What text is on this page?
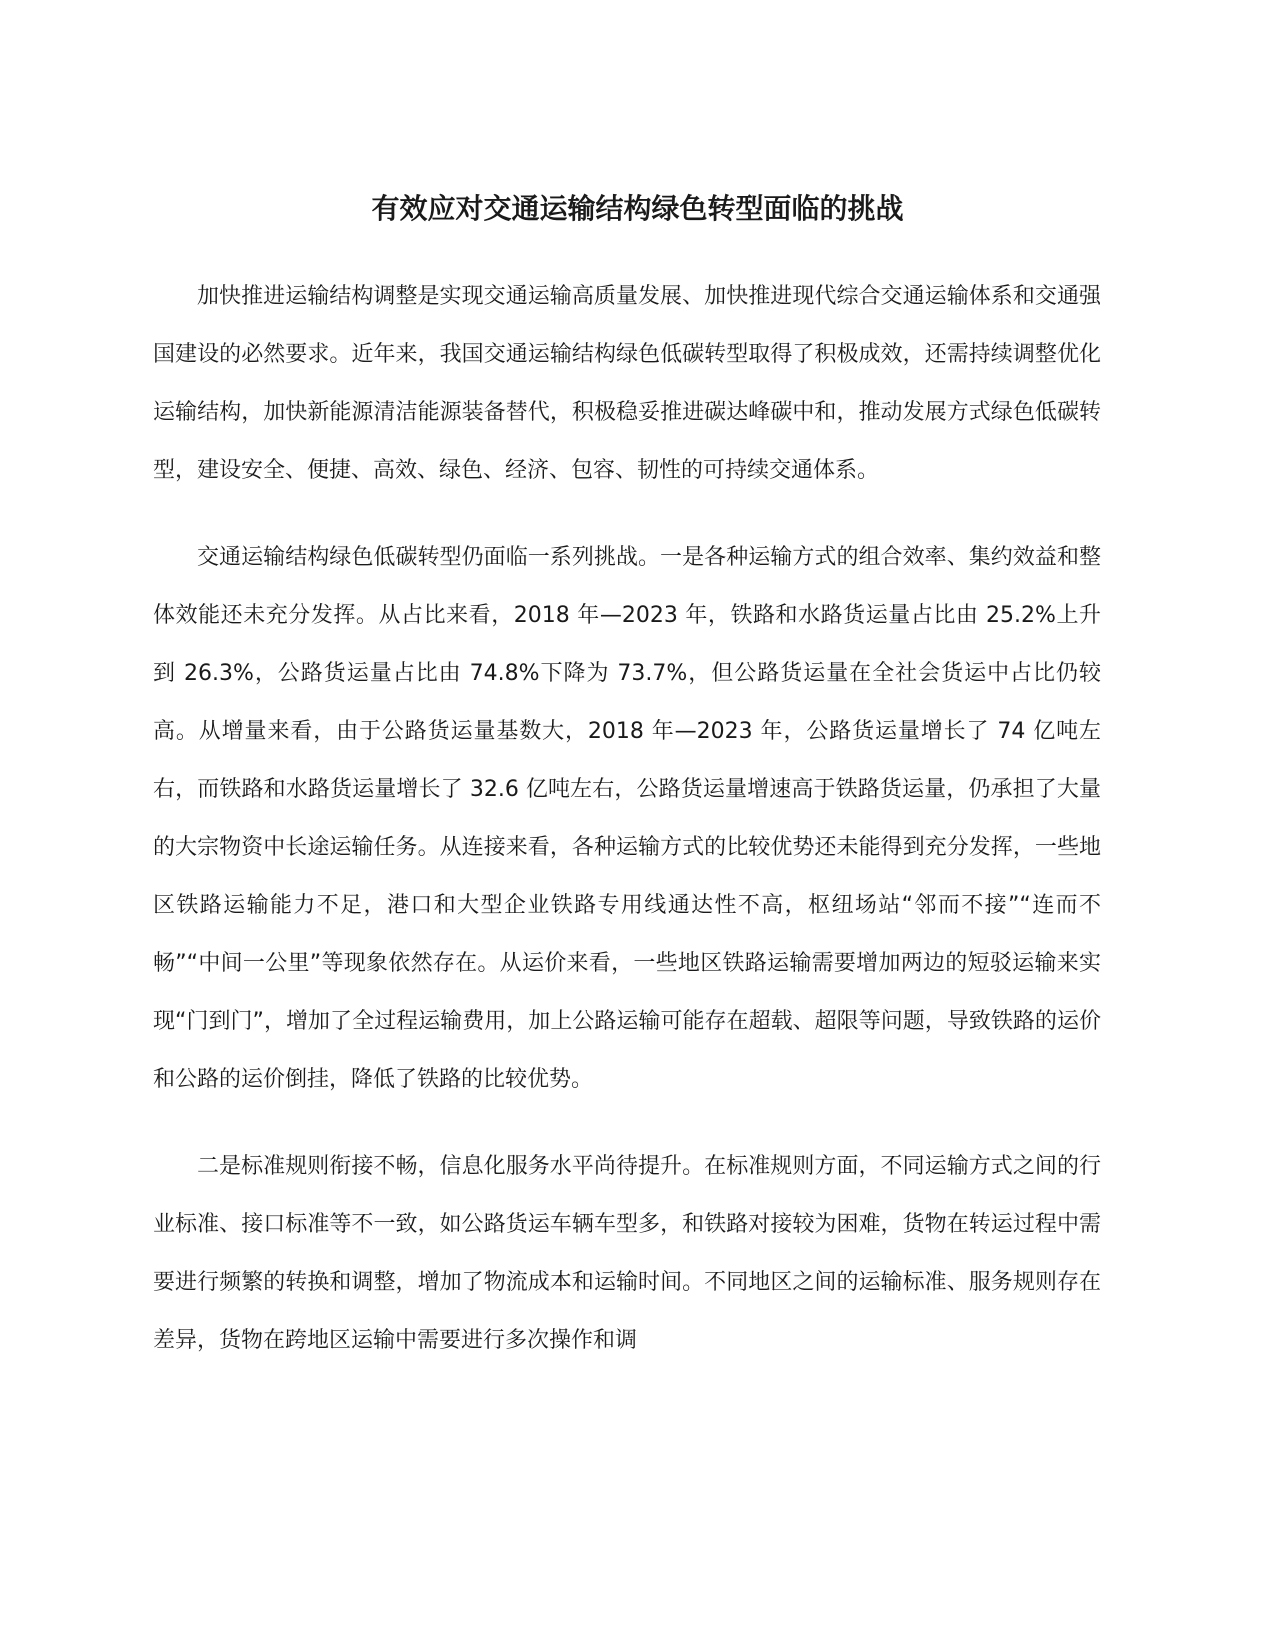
有效应对交通运输结构绿色转型面临的挑战

加快推进运输结构调整是实现交通运输高质量发展、加快推进现代综合交通运输体系和交通强国建设的必然要求。近年来，我国交通运输结构绿色低碳转型取得了积极成效，还需持续调整优化运输结构，加快新能源清洁能源装备替代，积极稳妥推进碳达峰碳中和，推动发展方式绿色低碳转型，建设安全、便捷、高效、绿色、经济、包容、韧性的可持续交通体系。

交通运输结构绿色低碳转型仍面临一系列挑战。一是各种运输方式的组合效率、集约效益和整体效能还未充分发挥。从占比来看，2018 年—2023 年，铁路和水路货运量占比由 25.2%上升到 26.3%，公路货运量占比由 74.8%下降为 73.7%，但公路货运量在全社会货运中占比仍较高。从增量来看，由于公路货运量基数大，2018 年—2023 年，公路货运量增长了 74 亿吨左右，而铁路和水路货运量增长了 32.6 亿吨左右，公路货运量增速高于铁路货运量，仍承担了大量的大宗物资中长途运输任务。从连接来看，各种运输方式的比较优势还未能得到充分发挥，一些地区铁路运输能力不足，港口和大型企业铁路专用线通达性不高，枢纽场站“邻而不接”“连而不畅”“中间一公里”等现象依然存在。从运价来看，一些地区铁路运输需要增加两边的短驳运输来实现“门到门”，增加了全过程运输费用，加上公路运输可能存在超载、超限等问题，导致铁路的运价和公路的运价倒挂，降低了铁路的比较优势。

二是标准规则衔接不畅，信息化服务水平尚待提升。在标准规则方面，不同运输方式之间的行业标准、接口标准等不一致，如公路货运车辆车型多，和铁路对接较为困难，货物在转运过程中需要进行频繁的转换和调整，增加了物流成本和运输时间。不同地区之间的运输标准、服务规则存在差异，货物在跨地区运输中需要进行多次操作和调
